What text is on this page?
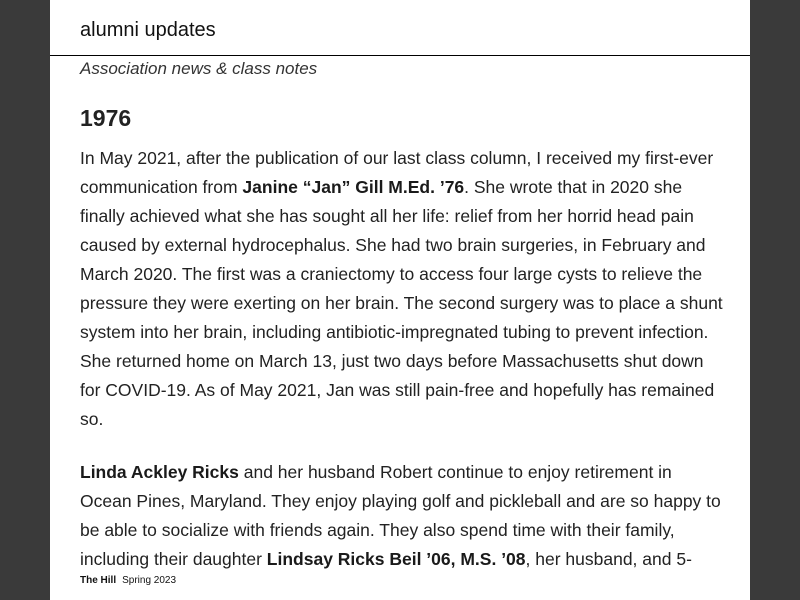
alumni updates
Association news & class notes
1976

In May 2021, after the publication of our last class column, I received my first-ever communication from Janine “Jan” Gill M.Ed. ’76. She wrote that in 2020 she finally achieved what she has sought all her life: relief from her horrid head pain caused by external hydrocephalus. She had two brain surgeries, in February and March 2020. The first was a craniectomy to access four large cysts to relieve the pressure they were exerting on her brain. The second surgery was to place a shunt system into her brain, including antibiotic-impregnated tubing to prevent infection. She returned home on March 13, just two days before Massachusetts shut down for COVID-19. As of May 2021, Jan was still pain-free and hopefully has remained so.

Linda Ackley Ricks and her husband Robert continue to enjoy retirement in Ocean Pines, Maryland. They enjoy playing golf and pickleball and are so happy to be able to socialize with friends again. They also spend time with their family, including their daughter Lindsay Ricks Beil ’06, M.S. ’08, her husband, and 5-

The Hill Spring 2023
